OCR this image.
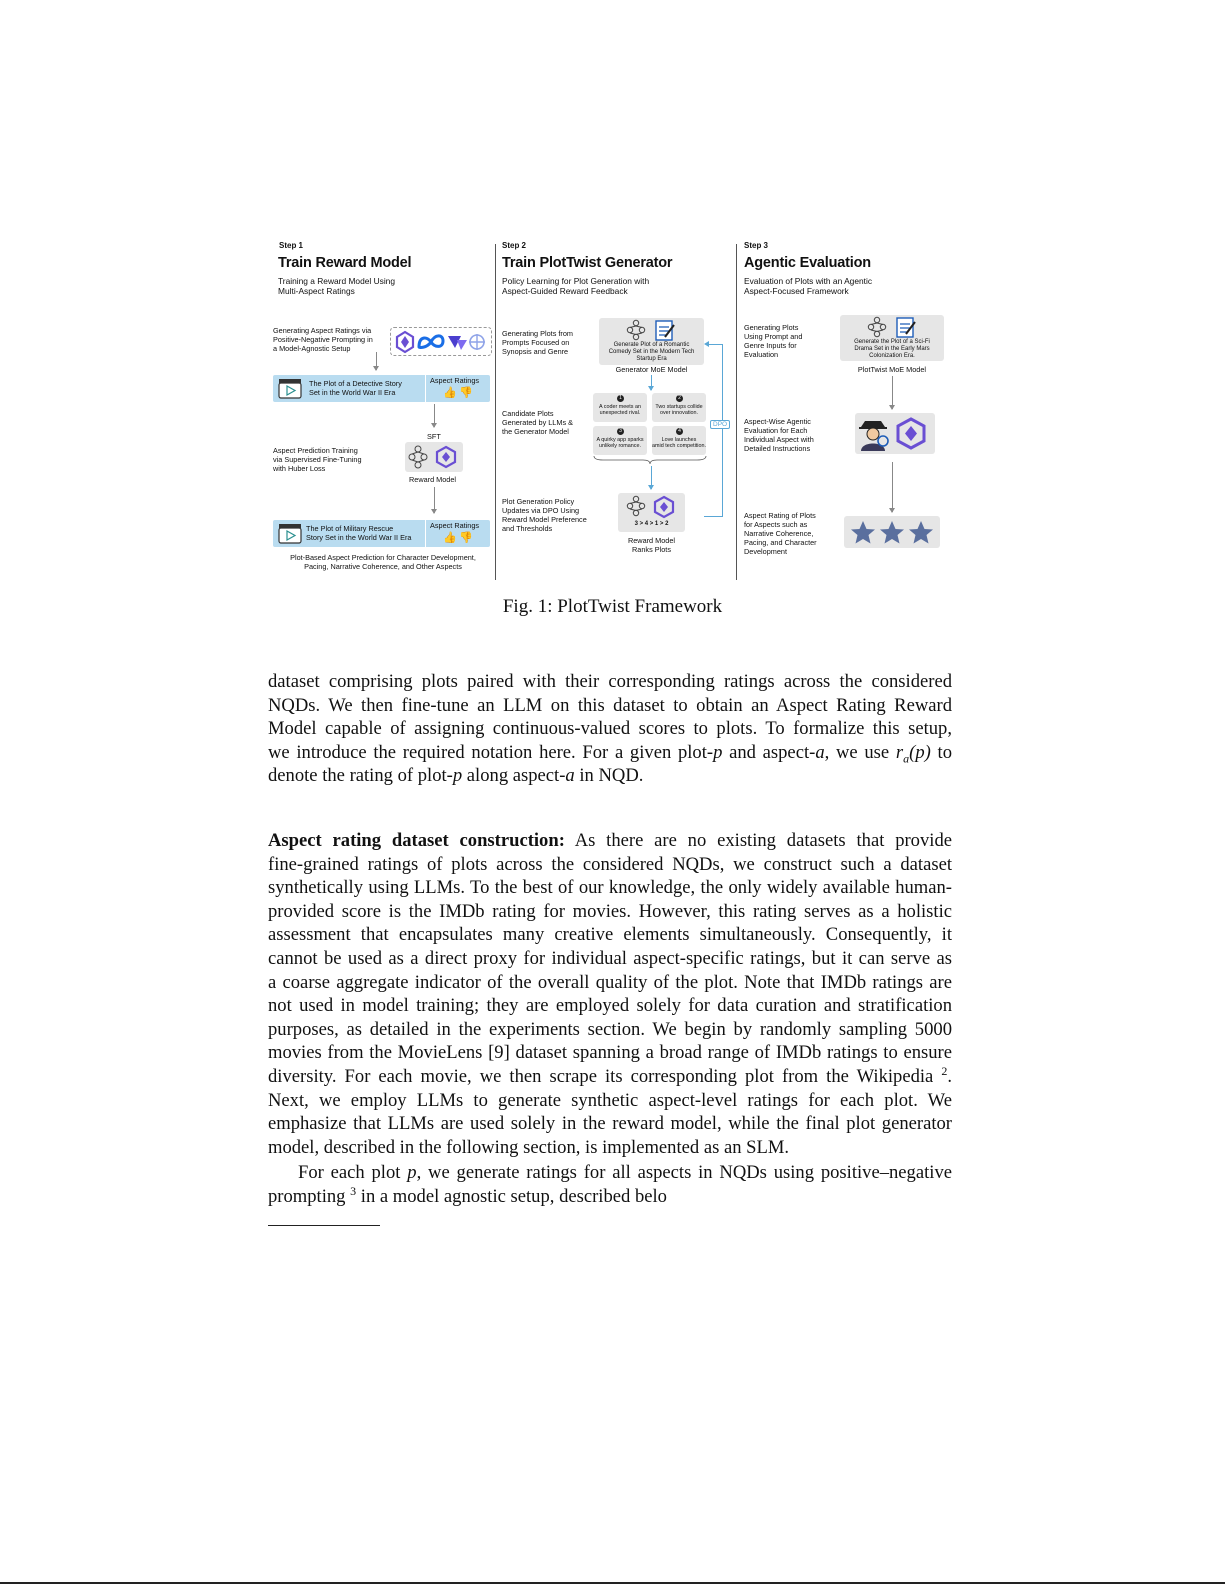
Step 1
Train Reward Model
Training a Reward Model Using
Multi-Aspect Ratings
Generating Aspect Ratings via
Positive-Negative Prompting in
a Model-Agnostic Setup
The Plot of a Detective Story
Set in the World War II Era
Aspect Ratings
👍 👎
SFT
Aspect Prediction Training
via Supervised Fine-Tuning
with Huber Loss
Reward Model
The Plot of Military Rescue
Story Set in the World War II Era
Aspect Ratings
👍 👎
Plot-Based Aspect Prediction for Character Development,
Pacing, Narrative Coherence, and Other Aspects
Step 2
Train PlotTwist Generator
Policy Learning for Plot Generation with
Aspect-Guided Reward Feedback
Generating Plots from
Prompts Focused on
Synopsis and Genre
Generate Plot of a Romantic
Comedy Set in the Modern Tech
Startup Era
Generator MoE Model
Candidate Plots
Generated by LLMs &
the Generator Model
1
A coder meets an
unexpected rival.
2
Two startups collide
over innovation.
3
A quirky app sparks
unlikely romance.
4
Love launches
amid tech competition.
DPO
Plot Generation Policy
Updates via DPO Using
Reward Model Preference
and Thresholds	3 > 4 > 1 > 2
Reward Model
Ranks Plots
Step 3
Agentic Evaluation
Evaluation of Plots with an Agentic
Aspect-Focused Framework
Generating Plots
Using Prompt and
Genre Inputs for
Evaluation
Generate the Plot of a Sci-Fi
Drama Set in the Early Mars
Colonization Era.
PlotTwist MoE Model
Aspect-Wise Agentic
Evaluation for Each
Individual Aspect with
Detailed Instructions
Aspect Rating of Plots
for Aspects such as
Narrative Coherence,
Pacing, and Character
Development
Fig. 1: PlotTwist Framework
dataset comprising plots paired with their corresponding ratings across the considered
NQDs. We then fine-tune an LLM on this dataset to obtain an Aspect Rating Reward
Model capable of assigning continuous-valued scores to plots. To formalize this setup,
we introduce the required notation here. For a given plot-p and aspect-a, we use $r_a(p)$ to
denote the rating of plot-p along aspect-a in NQD.
Aspect rating dataset construction: As there are no existing datasets that provide
fine-grained ratings of plots across the considered NQDs, we construct such a dataset
synthetically using LLMs. To the best of our knowledge, the only widely available human-
provided score is the IMDb rating for movies. However, this rating serves as a holistic
assessment that encapsulates many creative elements simultaneously. Consequently, it
cannot be used as a direct proxy for individual aspect-specific ratings, but it can serve as
a coarse aggregate indicator of the overall quality of the plot. Note that IMDb ratings are
not used in model training; they are employed solely for data curation and stratification
purposes, as detailed in the experiments section. We begin by randomly sampling 5000
movies from the MovieLens [9] dataset spanning a broad range of IMDb ratings to ensure
diversity. For each movie, we then scrape its corresponding plot from the Wikipedia $^2$.
Next, we employ LLMs to generate synthetic aspect-level ratings for each plot. We
emphasize that LLMs are used solely in the reward model, while the final plot generator
model, described in the following section, is implemented as an SLM.
For each plot p, we generate ratings for all aspects in NQDs using positive–negative
prompting $^3$ in a model agnostic setup, described belo
